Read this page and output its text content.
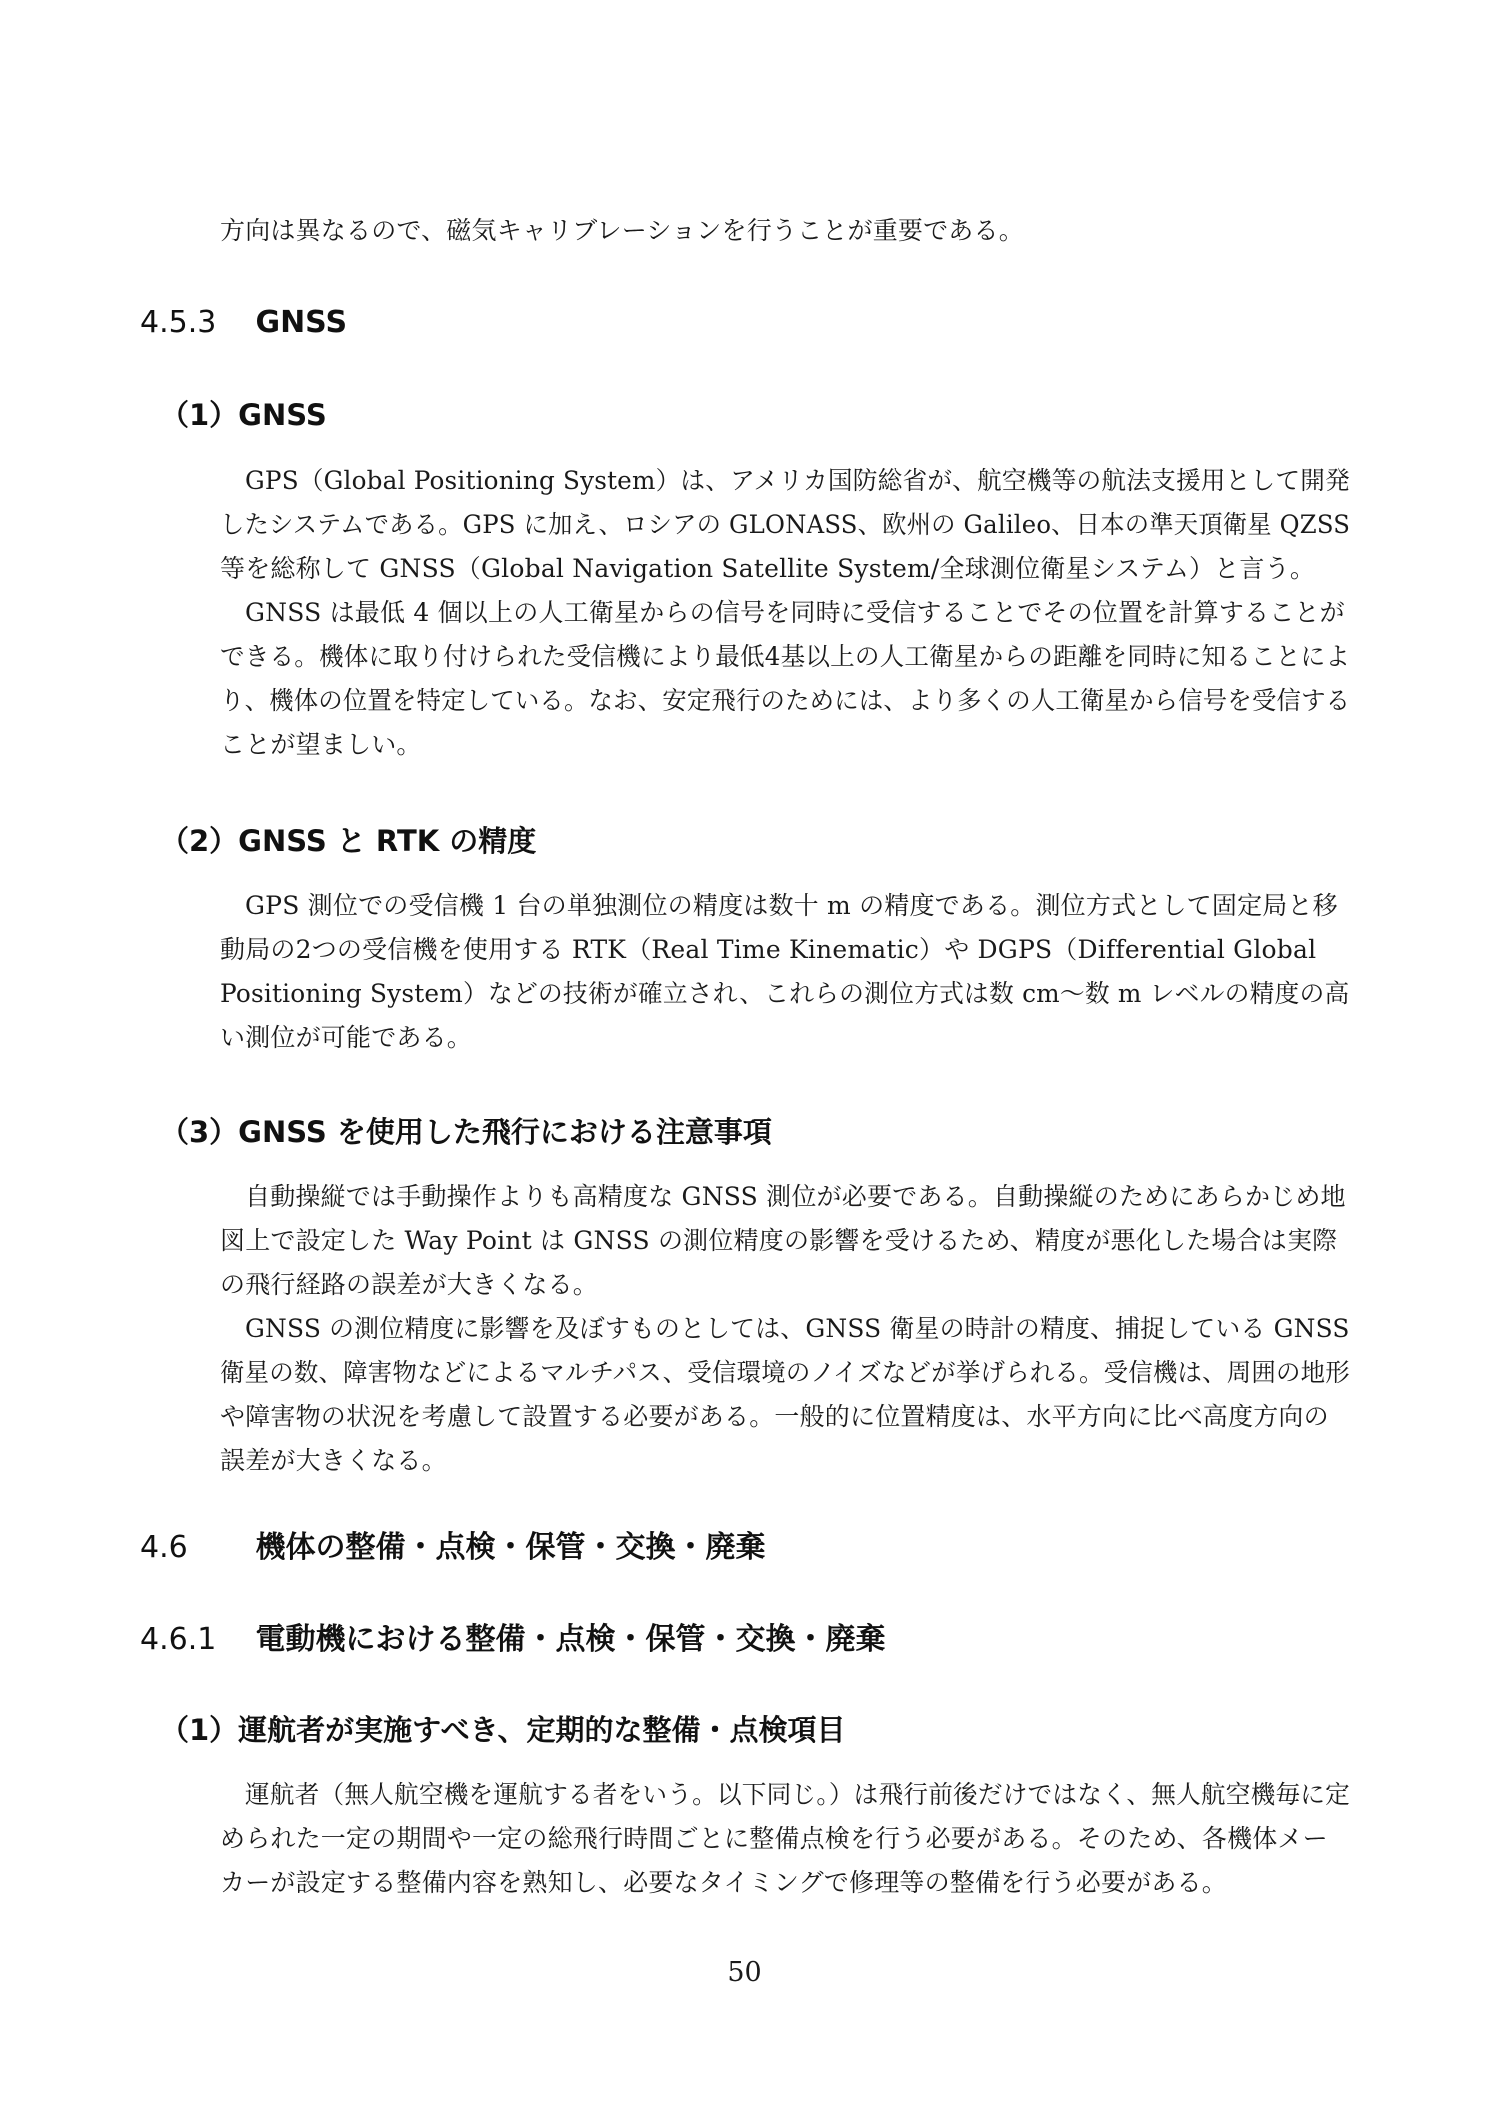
方向は異なるので、磁気キャリブレーションを行うことが重要である。
4.5.3 GNSS
（1）GNSS
GPS（Global Positioning System）は、アメリカ国防総省が、航空機等の航法支援用として開発
したシステムである。GPS に加え、ロシアの GLONASS、欧州の Galileo、日本の準天頂衛星 QZSS
等を総称して GNSS（Global Navigation Satellite System/全球測位衛星システム）と言う。
GNSS は最低 4 個以上の人工衛星からの信号を同時に受信することでその位置を計算することが
できる。機体に取り付けられた受信機により最低4基以上の人工衛星からの距離を同時に知ることによ
り、機体の位置を特定している。なお、安定飛行のためには、より多くの人工衛星から信号を受信する
ことが望ましい。
（2）GNSS と RTK の精度
GPS 測位での受信機 1 台の単独測位の精度は数十 m の精度である。測位方式として固定局と移
動局の2つの受信機を使用する RTK（Real Time Kinematic）や DGPS（Differential Global
Positioning System）などの技術が確立され、これらの測位方式は数 cm～数 m レベルの精度の高
い測位が可能である。
（3）GNSS を使用した飛行における注意事項
自動操縦では手動操作よりも高精度な GNSS 測位が必要である。自動操縦のためにあらかじめ地
図上で設定した Way Point は GNSS の測位精度の影響を受けるため、精度が悪化した場合は実際
の飛行経路の誤差が大きくなる。
GNSS の測位精度に影響を及ぼすものとしては、GNSS 衛星の時計の精度、捕捉している GNSS
衛星の数、障害物などによるマルチパス、受信環境のノイズなどが挙げられる。受信機は、周囲の地形
や障害物の状況を考慮して設置する必要がある。一般的に位置精度は、水平方向に比べ高度方向の
誤差が大きくなる。
4.6 機体の整備・点検・保管・交換・廃棄
4.6.1 電動機における整備・点検・保管・交換・廃棄
（1）運航者が実施すべき、定期的な整備・点検項目
運航者（無人航空機を運航する者をいう。以下同じ。）は飛行前後だけではなく、無人航空機毎に定
められた一定の期間や一定の総飛行時間ごとに整備点検を行う必要がある。そのため、各機体メー
カーが設定する整備内容を熟知し、必要なタイミングで修理等の整備を行う必要がある。
50
